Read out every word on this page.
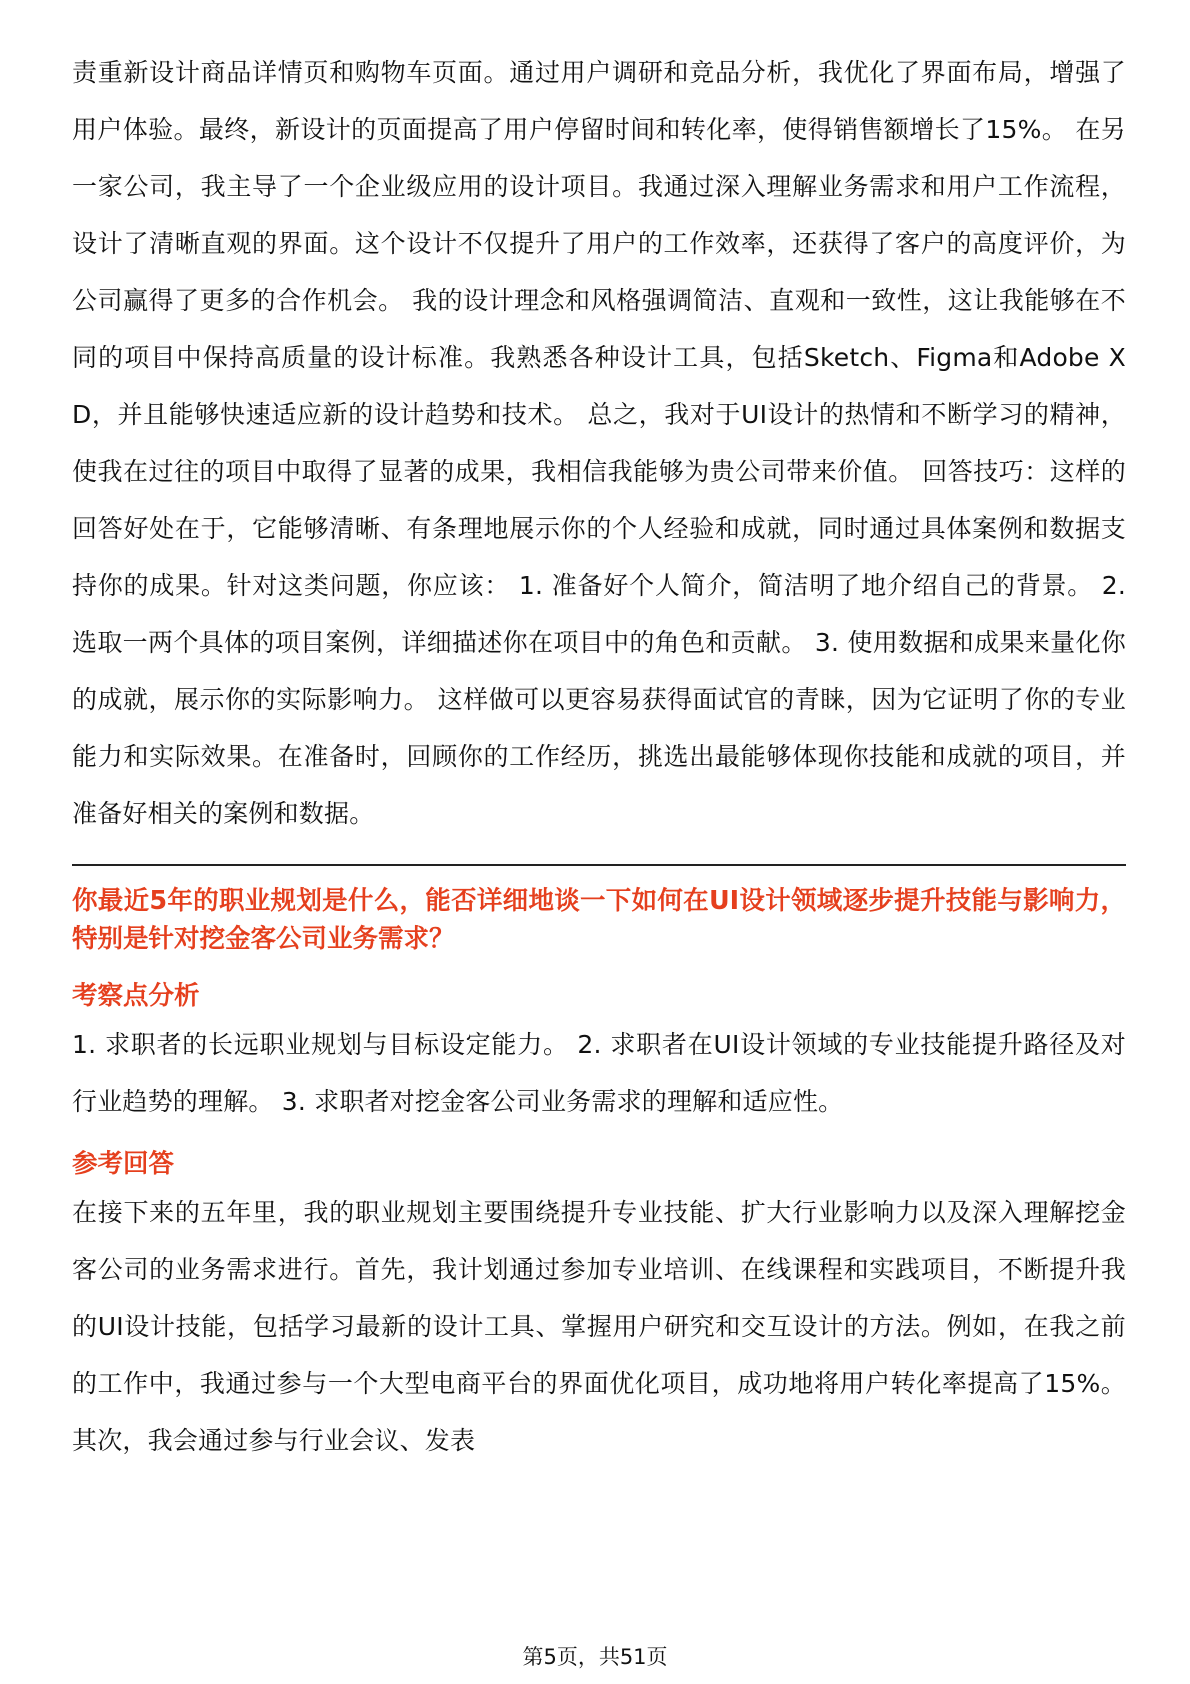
责重新设计商品详情页和购物车页面。通过用户调研和竞品分析，我优化了界面布局，增强了用户体验。最终，新设计的页面提高了用户停留时间和转化率，使得销售额增长了15%。 在另一家公司，我主导了一个企业级应用的设计项目。我通过深入理解业务需求和用户工作流程，设计了清晰直观的界面。这个设计不仅提升了用户的工作效率，还获得了客户的高度评价，为公司赢得了更多的合作机会。 我的设计理念和风格强调简洁、直观和一致性，这让我能够在不同的项目中保持高质量的设计标准。我熟悉各种设计工具，包括Sketch、Figma和Adobe XD，并且能够快速适应新的设计趋势和技术。 总之，我对于UI设计的热情和不断学习的精神，使我在过往的项目中取得了显著的成果，我相信我能够为贵公司带来价值。 回答技巧：这样的回答好处在于，它能够清晰、有条理地展示你的个人经验和成就，同时通过具体案例和数据支持你的成果。针对这类问题，你应该： 1. 准备好个人简介，简洁明了地介绍自己的背景。 2. 选取一两个具体的项目案例，详细描述你在项目中的角色和贡献。 3. 使用数据和成果来量化你的成就，展示你的实际影响力。 这样做可以更容易获得面试官的青睐，因为它证明了你的专业能力和实际效果。在准备时，回顾你的工作经历，挑选出最能够体现你技能和成就的项目，并准备好相关的案例和数据。

你最近5年的职业规划是什么，能否详细地谈一下如何在UI设计领域逐步提升技能与影响力，特别是针对挖金客公司业务需求？

考察点分析

1. 求职者的长远职业规划与目标设定能力。 2. 求职者在UI设计领域的专业技能提升路径及对行业趋势的理解。 3. 求职者对挖金客公司业务需求的理解和适应性。

参考回答

在接下来的五年里，我的职业规划主要围绕提升专业技能、扩大行业影响力以及深入理解挖金客公司的业务需求进行。首先，我计划通过参加专业培训、在线课程和实践项目，不断提升我的UI设计技能，包括学习最新的设计工具、掌握用户研究和交互设计的方法。例如，在我之前的工作中，我通过参与一个大型电商平台的界面优化项目，成功地将用户转化率提高了15%。 其次，我会通过参与行业会议、发表

第5页，共51页
